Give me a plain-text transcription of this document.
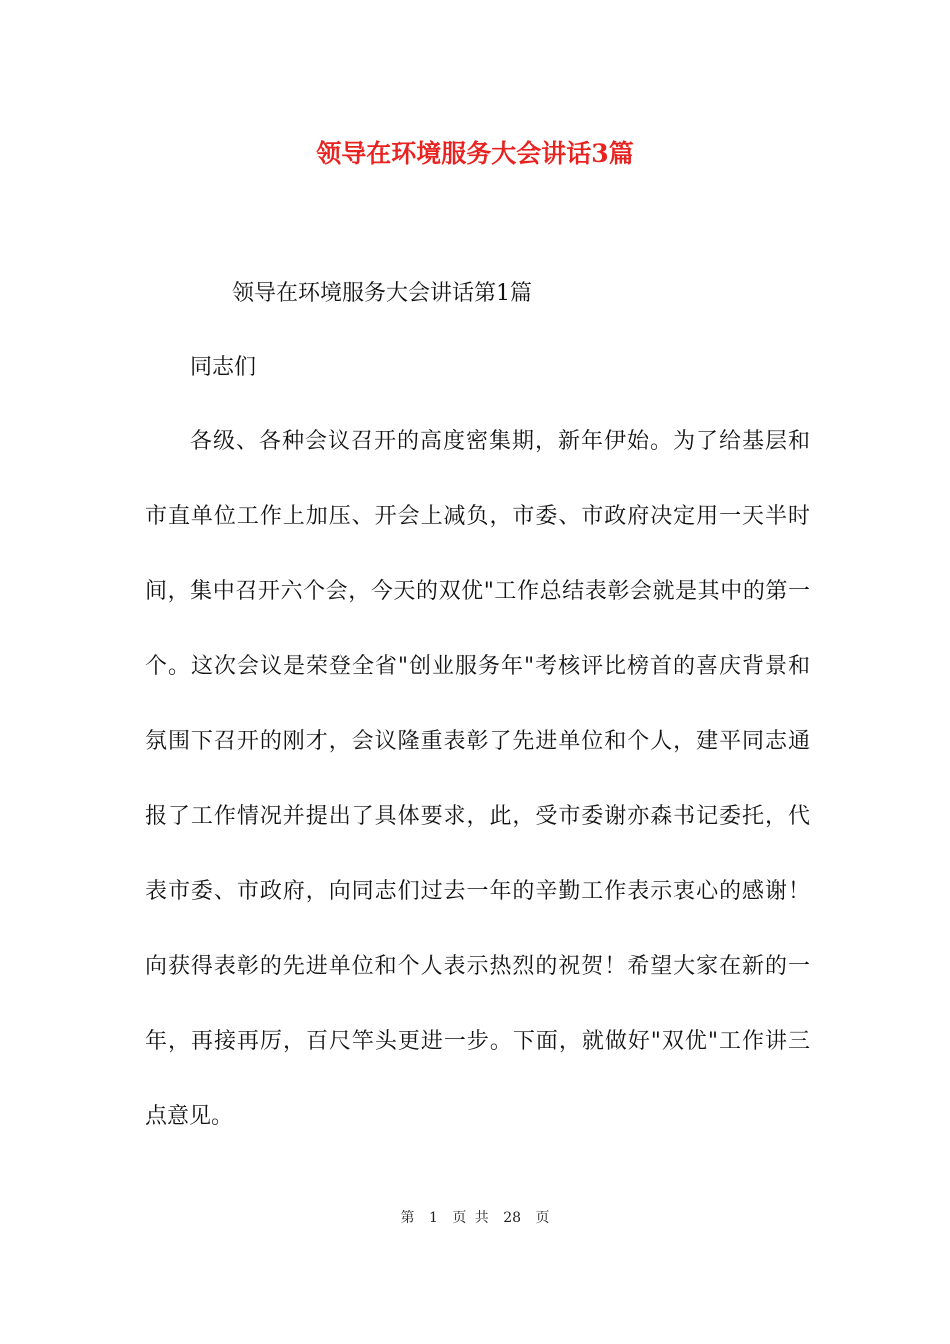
领导在环境服务大会讲话3篇

领导在环境服务大会讲话第1篇

同志们

各级、各种会议召开的高度密集期，新年伊始。为了给基层和
市直单位工作上加压、开会上减负，市委、市政府决定用一天半时
间，集中召开六个会，今天的双优"工作总结表彰会就是其中的第一
个。这次会议是荣登全省"创业服务年"考核评比榜首的喜庆背景和
氛围下召开的刚才，会议隆重表彰了先进单位和个人，建平同志通
报了工作情况并提出了具体要求，此，受市委谢亦森书记委托，代
表市委、市政府，向同志们过去一年的辛勤工作表示衷心的感谢！
向获得表彰的先进单位和个人表示热烈的祝贺！希望大家在新的一
年，再接再厉，百尺竿头更进一步。下面，就做好"双优"工作讲三
点意见。
第 1 页 共 28 页
